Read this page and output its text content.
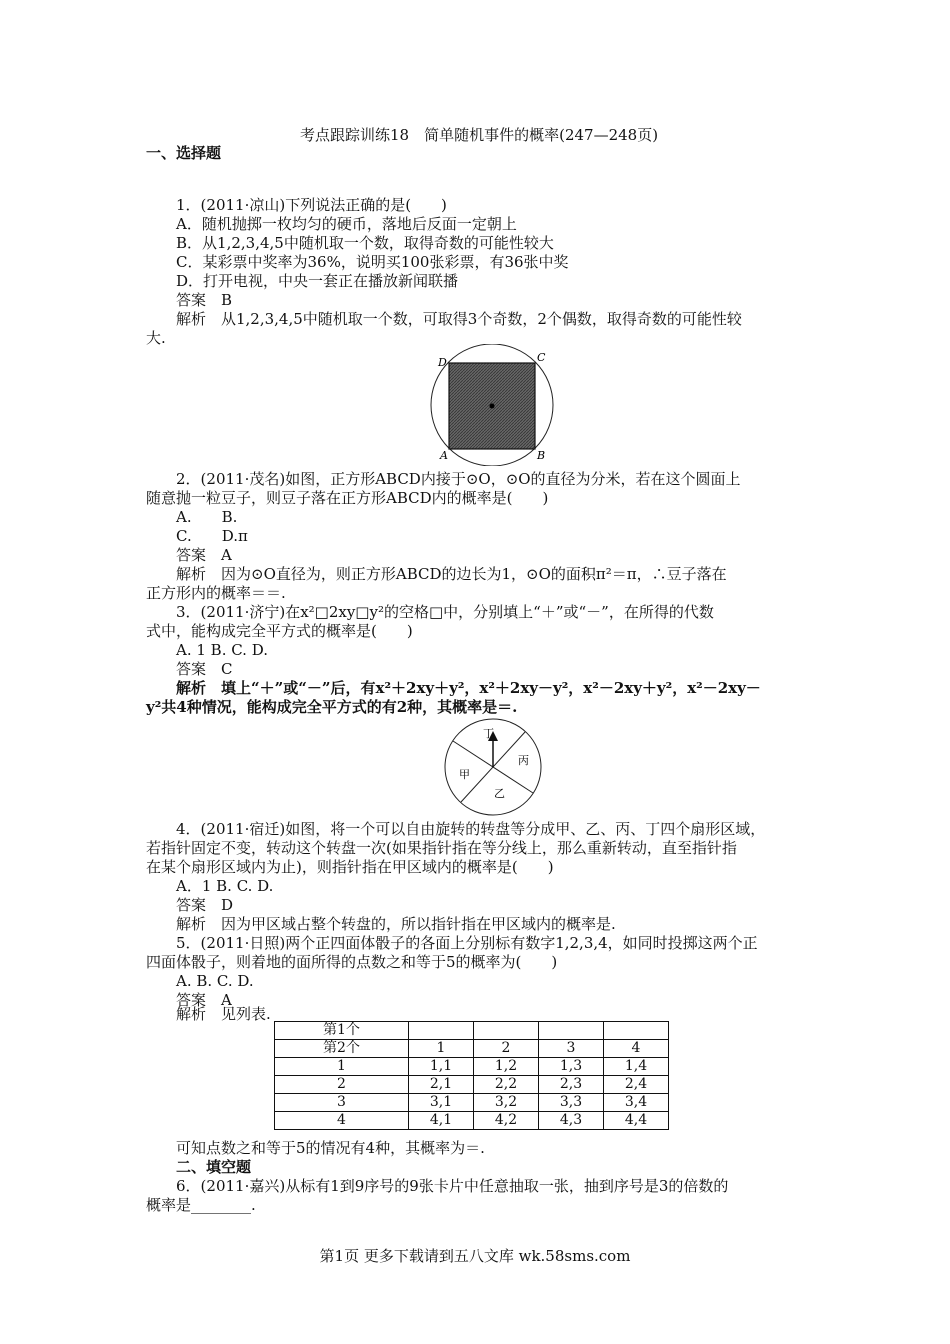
考点跟踪训练18　简单随机事件的概率(247—248页)
一、选择题
1．(2011·凉山)下列说法正确的是(　　)
A．随机抛掷一枚均匀的硬币，落地后反面一定朝上
B．从1,2,3,4,5中随机取一个数，取得奇数的可能性较大
C．某彩票中奖率为36%，说明买100张彩票，有36张中奖
D．打开电视，中央一套正在播放新闻联播
答案　B
解析　从1,2,3,4,5中随机取一个数，可取得3个奇数，2个偶数，取得奇数的可能性较
大.
D	C
A	B
2．(2011·茂名)如图，正方形ABCD内接于⊙O，⊙O的直径为分米，若在这个圆面上
随意抛一粒豆子，则豆子落在正方形ABCD内的概率是(　　)
A.　　B.
C.　　D.π
答案　A
解析　因为⊙O直径为，则正方形ABCD的边长为1，⊙O的面积π²＝π，∴豆子落在
正方形内的概率＝＝.
3．(2011·济宁)在x²□2xy□y²的空格□中，分别填上“＋”或“－”，在所得的代数
式中，能构成完全平方式的概率是(　　)
A. 1 B. C. D.
答案　C
解析　填上“＋”或“－”后，有x²＋2xy＋y²，x²＋2xy－y²，x²－2xy＋y²，x²－2xy－
y²共4种情况，能构成完全平方式的有2种，其概率是＝.
丁
丙
甲
乙
4．(2011·宿迁)如图，将一个可以自由旋转的转盘等分成甲、乙、丙、丁四个扇形区域，
若指针固定不变，转动这个转盘一次(如果指针指在等分线上，那么重新转动，直至指针指
在某个扇形区域内为止)，则指针指在甲区域内的概率是(　　)
A．1 B. C. D.
答案　D
解析　因为甲区域占整个转盘的，所以指针指在甲区域内的概率是.
5．(2011·日照)两个正四面体骰子的各面上分别标有数字1,2,3,4，如同时投掷这两个正
四面体骰子，则着地的面所得的点数之和等于5的概率为(　　)
A. B. C. D.
答案　A
解析　见列表.
第1个				
第2个	1	2	3	4
1	1,1	1,2	1,3	1,4
2	2,1	2,2	2,3	2,4
3	3,1	3,2	3,3	3,4
4	4,1	4,2	4,3	4,4
可知点数之和等于5的情况有4种，其概率为＝.
二、填空题
6．(2011·嘉兴)从标有1到9序号的9张卡片中任意抽取一张，抽到序号是3的倍数的
概率是________.
第1页 更多下载请到五八文库 wk.58sms.com
